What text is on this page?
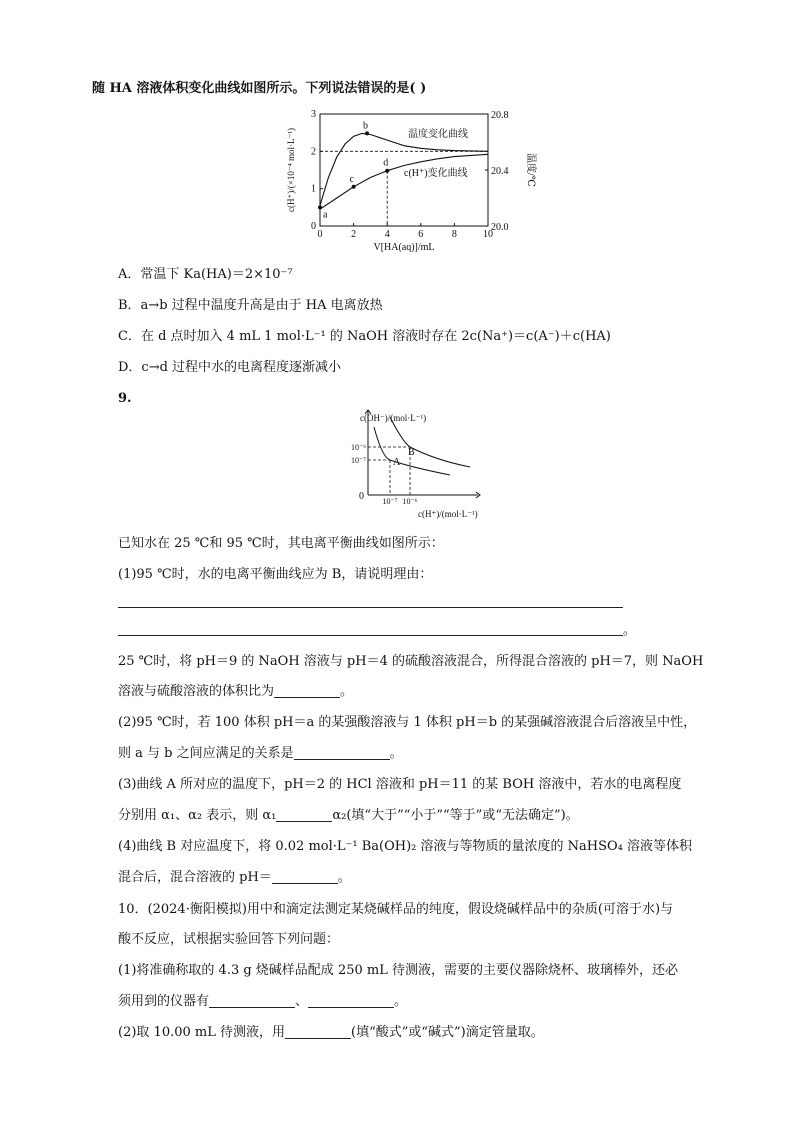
随 HA 溶液体积变化曲线如图所示。下列说法错误的是( )
0	2	4	6	8	10
0
1
2
3
20.0
20.4
20.8
V[HA(aq)]/mL
c(H⁺)/(×10⁻⁴ mol·L⁻¹)	温度/℃
温度变化曲线
c(H⁺)变化曲线
a
b
c
d
A．常温下 Ka(HA)＝2×10⁻⁷
B．a→b 过程中温度升高是由于 HA 电离放热
C．在 d 点时加入 4 mL 1 mol·L⁻¹ 的 NaOH 溶液时存在 2c(Na⁺)＝c(A⁻)＋c(HA)
D．c→d 过程中水的电离程度逐渐减小
9.
0
c(OH⁻)/(mol·L⁻¹)
c(H⁺)/(mol·L⁻¹)
10⁻⁷ 10⁻⁶
10⁻⁶
10⁻⁷	A
B
已知水在 25 ℃和 95 ℃时，其电离平衡曲线如图所示：
(1)95 ℃时，水的电离平衡曲线应为 B，请说明理由：
。
25 ℃时，将 pH＝9 的 NaOH 溶液与 pH＝4 的硫酸溶液混合，所得混合溶液的 pH＝7，则 NaOH
溶液与硫酸溶液的体积比为	。
(2)95 ℃时，若 100 体积 pH＝a 的某强酸溶液与 1 体积 pH＝b 的某强碱溶液混合后溶液呈中性，
则 a 与 b 之间应满足的关系是	。
(3)曲线 A 所对应的温度下，pH＝2 的 HCl 溶液和 pH＝11 的某 BOH 溶液中，若水的电离程度
分别用 α₁、α₂ 表示，则 α₁	α₂(填“大于”“小于”“等于”或“无法确定”)。
(4)曲线 B 对应温度下，将 0.02 mol·L⁻¹ Ba(OH)₂ 溶液与等物质的量浓度的 NaHSO₄ 溶液等体积
混合后，混合溶液的 pH＝	。
10．(2024·衡阳模拟)用中和滴定法测定某烧碱样品的纯度，假设烧碱样品中的杂质(可溶于水)与
酸不反应，试根据实验回答下列问题：
(1)将准确称取的 4.3 g 烧碱样品配成 250 mL 待测液，需要的主要仪器除烧杯、玻璃棒外，还必
须用到的仪器有	、	。
(2)取 10.00 mL 待测液，用	(填“酸式”或“碱式”)滴定管量取。
